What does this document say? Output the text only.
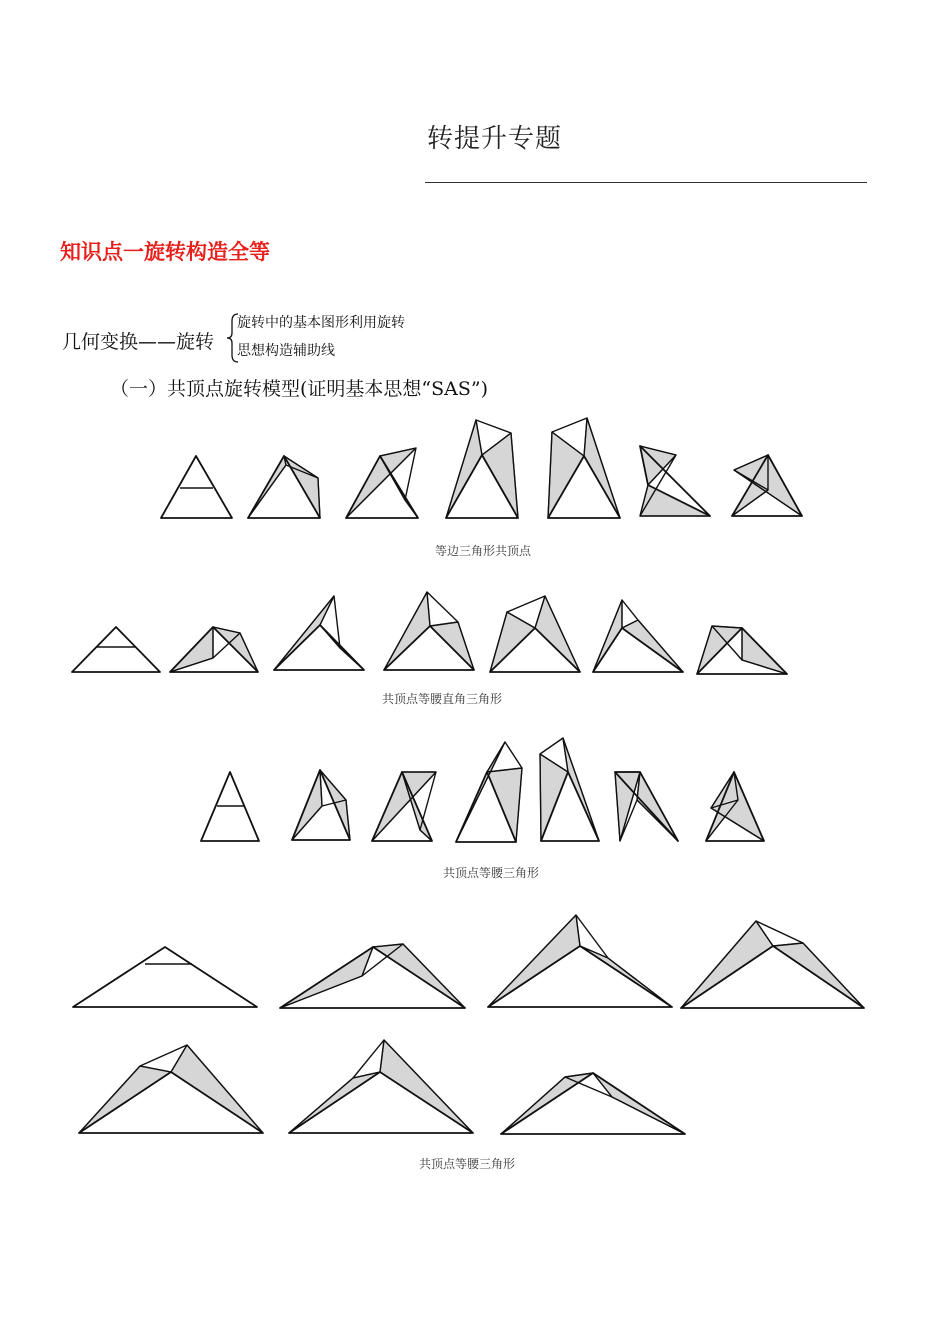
转提升专题
知识点一旋转构造全等
几何变换——旋转
旋转中的基本图形利用旋转
思想构造辅助线
（一）共顶点旋转模型(证明基本思想“SAS”)
等边三角形共顶点
共顶点等腰直角三角形
共顶点等腰三角形
共顶点等腰三角形
